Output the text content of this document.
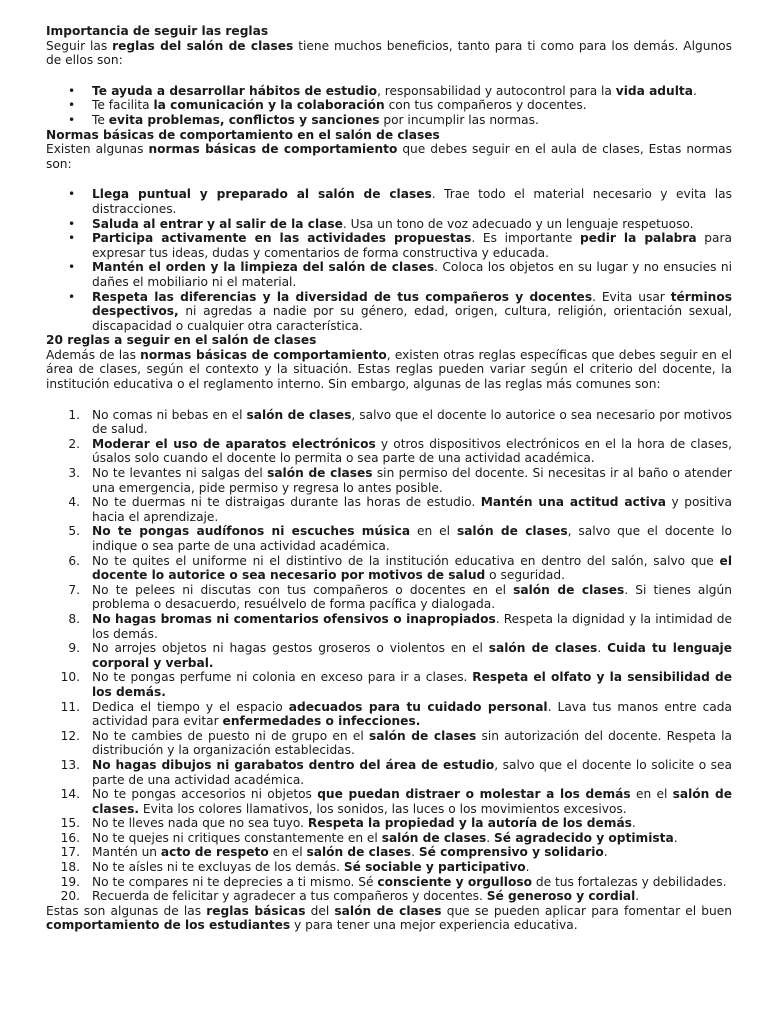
Importancia de seguir las reglas

Seguir las reglas del salón de clases tiene muchos beneficios, tanto para ti como para los demás. Algunos de ellos son:

• Te ayuda a desarrollar hábitos de estudio, responsabilidad y autocontrol para la vida adulta.
• Te facilita la comunicación y la colaboración con tus compañeros y docentes.
• Te evita problemas, conflictos y sanciones por incumplir las normas.

Normas básicas de comportamiento en el salón de clases

Existen algunas normas básicas de comportamiento que debes seguir en el aula de clases, Estas normas son:

• Llega puntual y preparado al salón de clases. Trae todo el material necesario y evita las distracciones.
• Saluda al entrar y al salir de la clase. Usa un tono de voz adecuado y un lenguaje respetuoso.
• Participa activamente en las actividades propuestas. Es importante pedir la palabra para expresar tus ideas, dudas y comentarios de forma constructiva y educada.
• Mantén el orden y la limpieza del salón de clases. Coloca los objetos en su lugar y no ensucies ni dañes el mobiliario ni el material.
• Respeta las diferencias y la diversidad de tus compañeros y docentes. Evita usar términos despectivos, ni agredas a nadie por su género, edad, origen, cultura, religión, orientación sexual, discapacidad o cualquier otra característica.

20 reglas a seguir en el salón de clases

Además de las normas básicas de comportamiento, existen otras reglas específicas que debes seguir en el área de clases, según el contexto y la situación. Estas reglas pueden variar según el criterio del docente, la institución educativa o el reglamento interno. Sin embargo, algunas de las reglas más comunes son:

1. No comas ni bebas en el salón de clases, salvo que el docente lo autorice o sea necesario por motivos de salud.
2. Moderar el uso de aparatos electrónicos y otros dispositivos electrónicos en el la hora de clases, úsalos solo cuando el docente lo permita o sea parte de una actividad académica.
3. No te levantes ni salgas del salón de clases sin permiso del docente. Si necesitas ir al baño o atender una emergencia, pide permiso y regresa lo antes posible.
4. No te duermas ni te distraigas durante las horas de estudio. Mantén una actitud activa y positiva hacia el aprendizaje.
5. No te pongas audífonos ni escuches música en el salón de clases, salvo que el docente lo indique o sea parte de una actividad académica.
6. No te quites el uniforme ni el distintivo de la institución educativa en dentro del salón, salvo que el docente lo autorice o sea necesario por motivos de salud o seguridad.
7. No te pelees ni discutas con tus compañeros o docentes en el salón de clases. Si tienes algún problema o desacuerdo, resuélvelo de forma pacífica y dialogada.
8. No hagas bromas ni comentarios ofensivos o inapropiados. Respeta la dignidad y la intimidad de los demás.
9. No arrojes objetos ni hagas gestos groseros o violentos en el salón de clases. Cuida tu lenguaje corporal y verbal.
10. No te pongas perfume ni colonia en exceso para ir a clases. Respeta el olfato y la sensibilidad de los demás.
11. Dedica el tiempo y el espacio adecuados para tu cuidado personal. Lava tus manos entre cada actividad para evitar enfermedades o infecciones.
12. No te cambies de puesto ni de grupo en el salón de clases sin autorización del docente. Respeta la distribución y la organización establecidas.
13. No hagas dibujos ni garabatos dentro del área de estudio, salvo que el docente lo solicite o sea parte de una actividad académica.
14. No te pongas accesorios ni objetos que puedan distraer o molestar a los demás en el salón de clases. Evita los colores llamativos, los sonidos, las luces o los movimientos excesivos.
15. No te lleves nada que no sea tuyo. Respeta la propiedad y la autoría de los demás.
16. No te quejes ni critiques constantemente en el salón de clases. Sé agradecido y optimista.
17. Mantén un acto de respeto en el salón de clases. Sé comprensivo y solidario.
18. No te aísles ni te excluyas de los demás. Sé sociable y participativo.
19. No te compares ni te deprecies a ti mismo. Sé consciente y orgulloso de tus fortalezas y debilidades.
20. Recuerda de felicitar y agradecer a tus compañeros y docentes. Sé generoso y cordial.

Estas son algunas de las reglas básicas del salón de clases que se pueden aplicar para fomentar el buen comportamiento de los estudiantes y para tener una mejor experiencia educativa.
